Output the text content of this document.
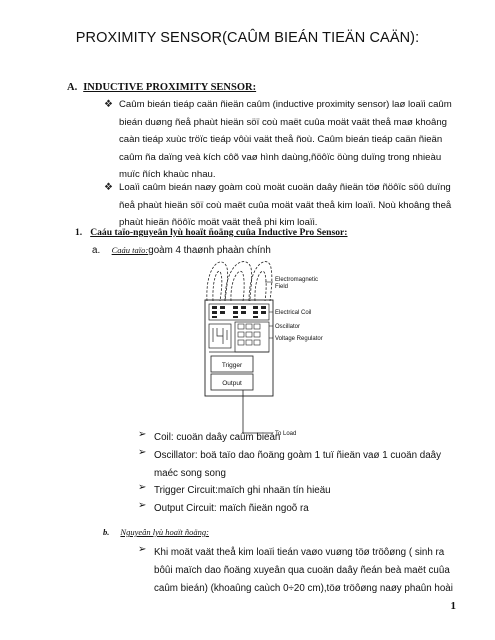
PROXIMITY SENSOR(CAÛM BIEÁN TIEÄN CAÄN):
A. INDUCTIVE PROXIMITY SENSOR:
❖ Caûm bieán tieáp caän ñieän caûm (inductive proximity sensor) laø loaïi caûm
bieán duøng ñeå phaùt hieän söï coù maët cuûa moät vaät theå maø khoâng
caàn tieáp xuùc tröïc tieáp vôùi vaät theå ñoù. Caûm bieán tieáp caän ñieän
caûm ña daïng veà kích côõ vaø hình daùng,ñöôïc öùng duïng trong nhieàu
muïc ñích khaùc nhau.
❖ Loaïi caûm bieán naøy goàm coù moät cuoän daây ñieän töø ñöôïc söû duïng
ñeå phaùt hieän söï coù maët cuûa moät vaät theå kim loaïi. Noù khoâng theå
phaùt hieän ñöôïc moät vaät theå phi kim loaïi.
1. Caáu taïo-nguyeân lyù hoaït ñoäng cuûa Inductive Pro Sensor:
a. Caáu taïo:goàm 4 thaønh phaàn chính
Trigger
Output
Electromagnetic
Field
Electrical Coil
Oscillator
Voltage Regulator
To Load
➢ Coil: cuoän daây caûm bieán
➢ Oscillator: boä taïo dao ñoäng goàm 1 tuï ñieän vaø 1 cuoän daây
maéc song song
➢ Trigger Circuit:maïch ghi nhaän tín hieäu
➢ Output Circuit: maïch ñieän ngoõ ra
b. Nguyeân lyù hoaït ñoäng:
➢ Khi moät vaät theå kim loaïi tieán vaøo vuøng töø tröôøng ( sinh ra
bôûi maïch dao ñoäng xuyeân qua cuoän daây ñeán beà maët cuûa
caûm bieán) (khoaûng caùch 0÷20 cm),töø tröôøng naøy phaûn hoài
1
